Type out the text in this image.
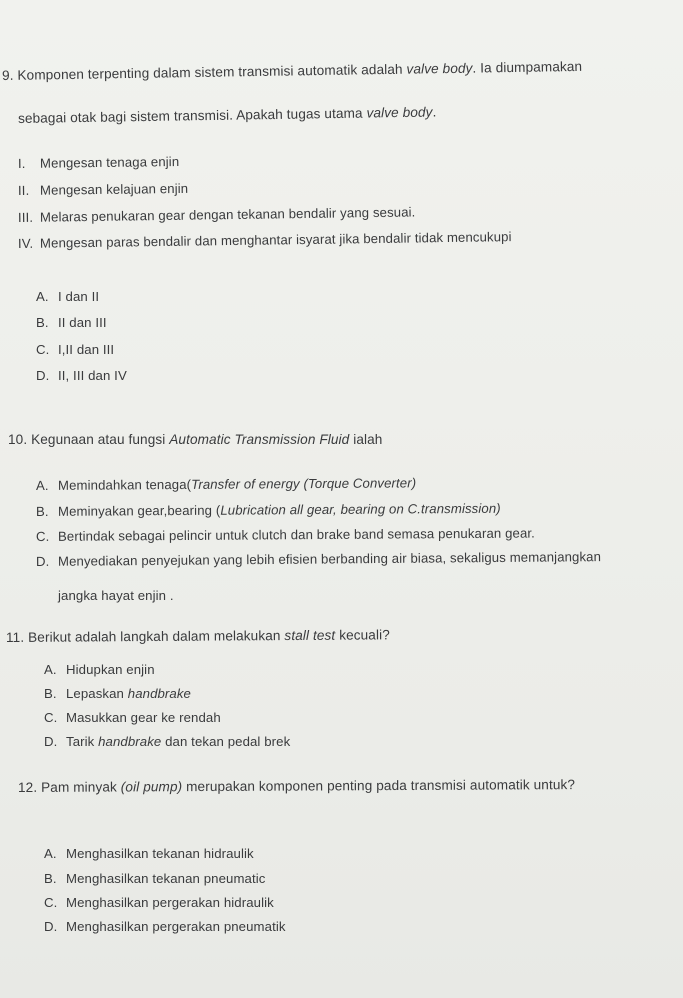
9. Komponen terpenting dalam sistem transmisi automatik adalah valve body. Ia diumpamakan
sebagai otak bagi sistem transmisi. Apakah tugas utama valve body.
I. Mengesan tenaga enjin
II. Mengesan kelajuan enjin
III. Melaras penukaran gear dengan tekanan bendalir yang sesuai.
IV. Mengesan paras bendalir dan menghantar isyarat jika bendalir tidak mencukupi
A. I dan II
B. II dan III
C. I,II dan III
D. II, III dan IV
10. Kegunaan atau fungsi Automatic Transmission Fluid ialah
A. Memindahkan tenaga(Transfer of energy (Torque Converter)
B. Meminyakan gear,bearing (Lubrication all gear, bearing on C.transmission)
C. Bertindak sebagai pelincir untuk clutch dan brake band semasa penukaran gear.
D. Menyediakan penyejukan yang lebih efisien berbanding air biasa, sekaligus memanjangkan
jangka hayat enjin .
11. Berikut adalah langkah dalam melakukan stall test kecuali?
A. Hidupkan enjin
B. Lepaskan handbrake
C. Masukkan gear ke rendah
D. Tarik handbrake dan tekan pedal brek
12. Pam minyak (oil pump) merupakan komponen penting pada transmisi automatik untuk?
A. Menghasilkan tekanan hidraulik
B. Menghasilkan tekanan pneumatic
C. Menghasilkan pergerakan hidraulik
D. Menghasilkan pergerakan pneumatik
